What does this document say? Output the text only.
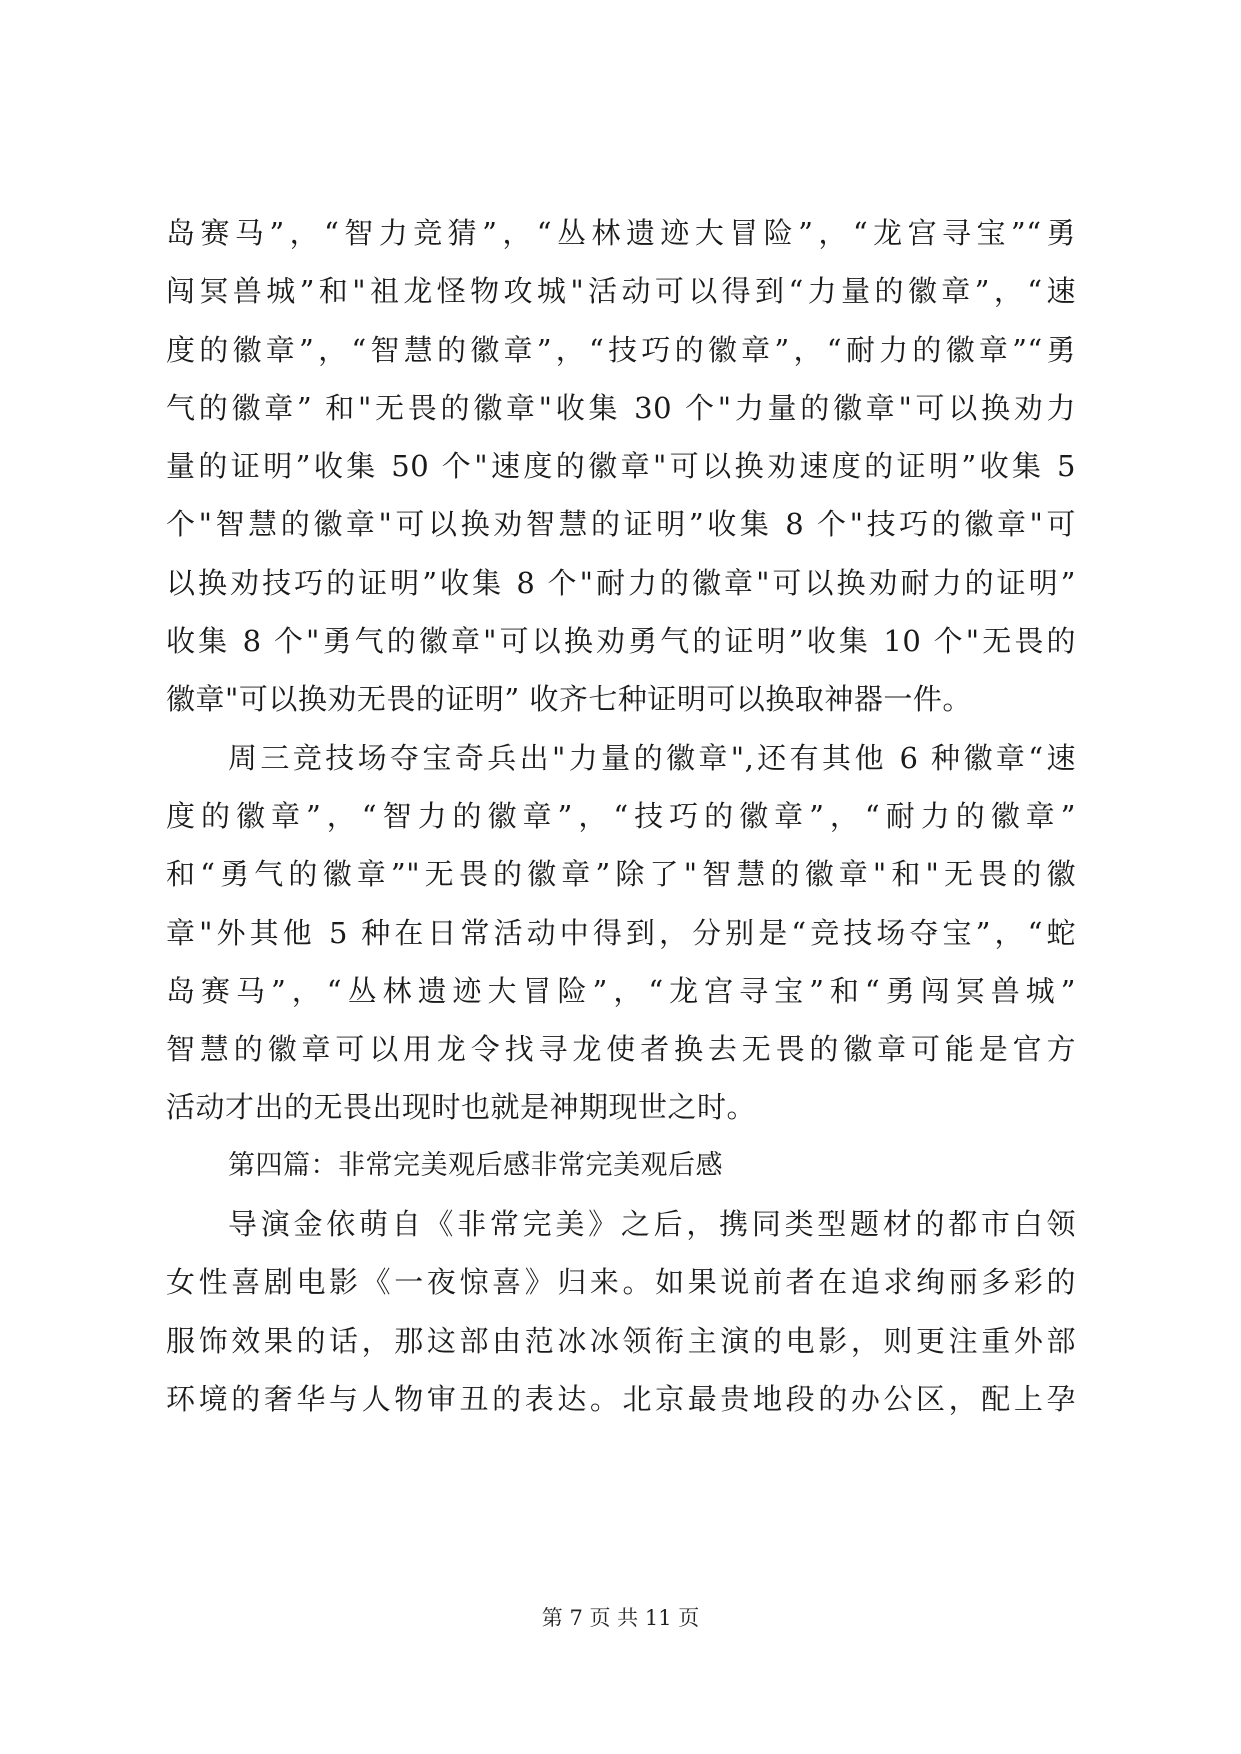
岛赛马”，“智力竞猜”，“丛林遗迹大冒险”，“龙宫寻宝”“勇
闯冥兽城”和"祖龙怪物攻城"活动可以得到“力量的徽章”，“速
度的徽章”，“智慧的徽章”，“技巧的徽章”，“耐力的徽章”“勇
气的徽章” 和"无畏的徽章"收集 30 个"力量的徽章"可以换劝力
量的证明”收集 50 个"速度的徽章"可以换劝速度的证明”收集 5
个"智慧的徽章"可以换劝智慧的证明”收集 8 个"技巧的徽章"可
以换劝技巧的证明”收集 8 个"耐力的徽章"可以换劝耐力的证明”
收集 8 个"勇气的徽章"可以换劝勇气的证明”收集 10 个"无畏的
徽章"可以换劝无畏的证明” 收齐七种证明可以换取神器一件。
周三竞技场夺宝奇兵出"力量的徽章",还有其他 6 种徽章“速
度的徽章”，“智力的徽章”，“技巧的徽章”，“耐力的徽章”
和“勇气的徽章”"无畏的徽章”除了"智慧的徽章"和"无畏的徽
章"外其他 5 种在日常活动中得到，分别是“竞技场夺宝”，“蛇
岛赛马”，“丛林遗迹大冒险”，“龙宫寻宝”和“勇闯冥兽城”
智慧的徽章可以用龙令找寻龙使者换去无畏的徽章可能是官方
活动才出的无畏出现时也就是神期现世之时。
第四篇：非常完美观后感非常完美观后感
导演金依萌自《非常完美》之后，携同类型题材的都市白领
女性喜剧电影《一夜惊喜》归来。如果说前者在追求绚丽多彩的
服饰效果的话，那这部由范冰冰领衔主演的电影，则更注重外部
环境的奢华与人物审丑的表达。北京最贵地段的办公区，配上孕
第 7 页 共 11 页
